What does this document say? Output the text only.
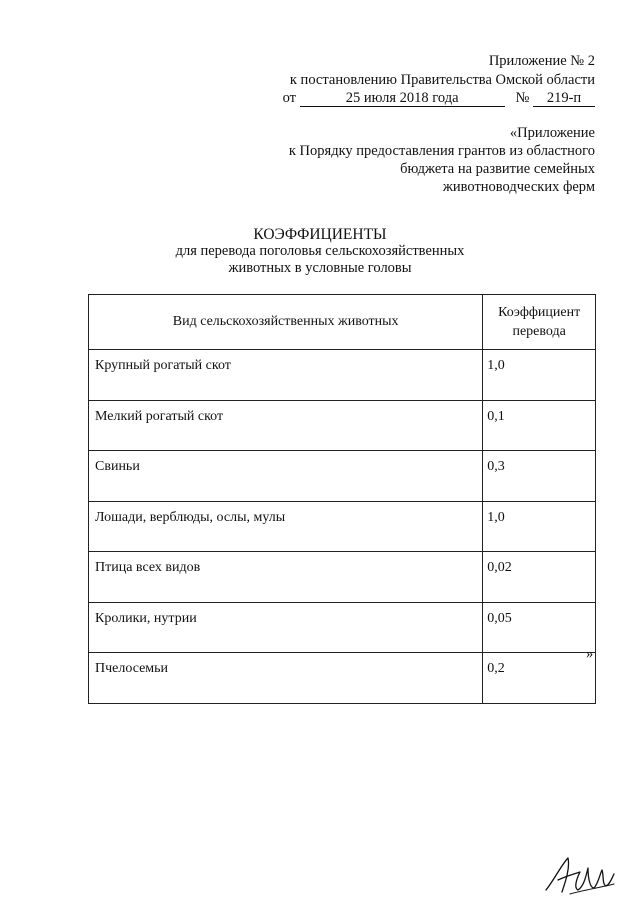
Приложение № 2
к постановлению Правительства Омской области
от	25 июля 2018 года	№ 219-п
«Приложение
к Порядку предоставления грантов из областного
бюджета на развитие семейных
животноводческих ферм
КОЭФФИЦИЕНТЫ
для перевода поголовья сельскохозяйственных
животных в условные головы
Вид сельскохозяйственных животных	Коэффициент
перевода

Крупный рогатый скот	1,0
Мелкий рогатый скот	0,1
Свиньи	0,3
Лошади, верблюды, ослы, мулы	1,0
Птица всех видов	0,02
Кролики, нутрии	0,05
Пчелосемьи	0,2
»
